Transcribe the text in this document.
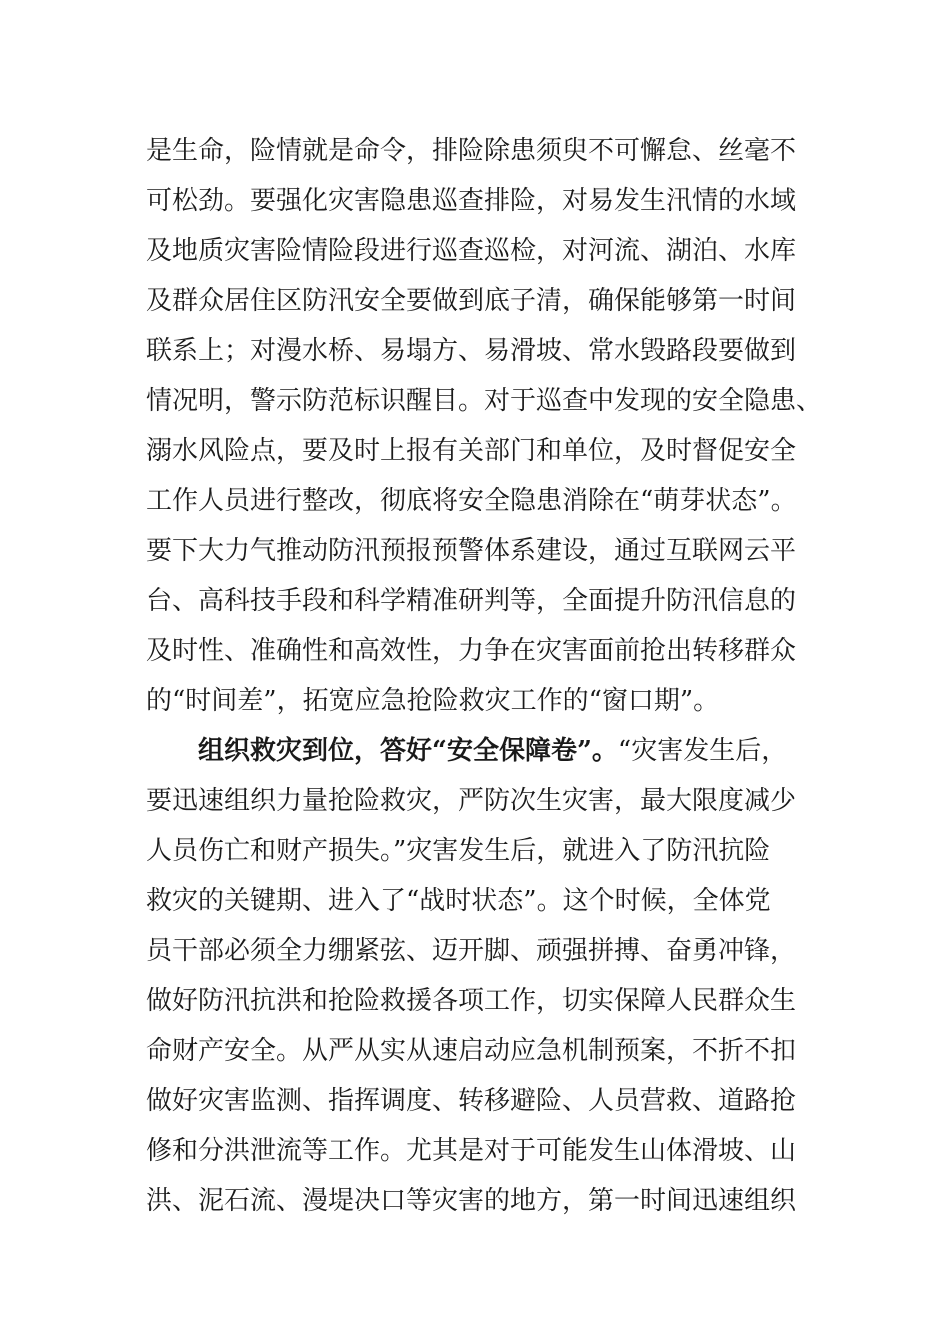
是生命，险情就是命令，排险除患须臾不可懈怠、丝毫不
可松劲。要强化灾害隐患巡查排险，对易发生汛情的水域
及地质灾害险情险段进行巡查巡检，对河流、湖泊、水库
及群众居住区防汛安全要做到底子清，确保能够第一时间
联系上；对漫水桥、易塌方、易滑坡、常水毁路段要做到
情况明，警示防范标识醒目。对于巡查中发现的安全隐患、
溺水风险点，要及时上报有关部门和单位，及时督促安全
工作人员进行整改，彻底将安全隐患消除在“萌芽状态”。
要下大力气推动防汛预报预警体系建设，通过互联网云平
台、高科技手段和科学精准研判等，全面提升防汛信息的
及时性、准确性和高效性，力争在灾害面前抢出转移群众
的“时间差”，拓宽应急抢险救灾工作的“窗口期”。
组织救灾到位，答好“安全保障卷”。“灾害发生后，
要迅速组织力量抢险救灾，严防次生灾害，最大限度减少
人员伤亡和财产损失。”灾害发生后，就进入了防汛抗险
救灾的关键期、进入了“战时状态”。这个时候，全体党
员干部必须全力绷紧弦、迈开脚、顽强拼搏、奋勇冲锋，
做好防汛抗洪和抢险救援各项工作，切实保障人民群众生
命财产安全。从严从实从速启动应急机制预案，不折不扣
做好灾害监测、指挥调度、转移避险、人员营救、道路抢
修和分洪泄流等工作。尤其是对于可能发生山体滑坡、山
洪、泥石流、漫堤决口等灾害的地方，第一时间迅速组织
